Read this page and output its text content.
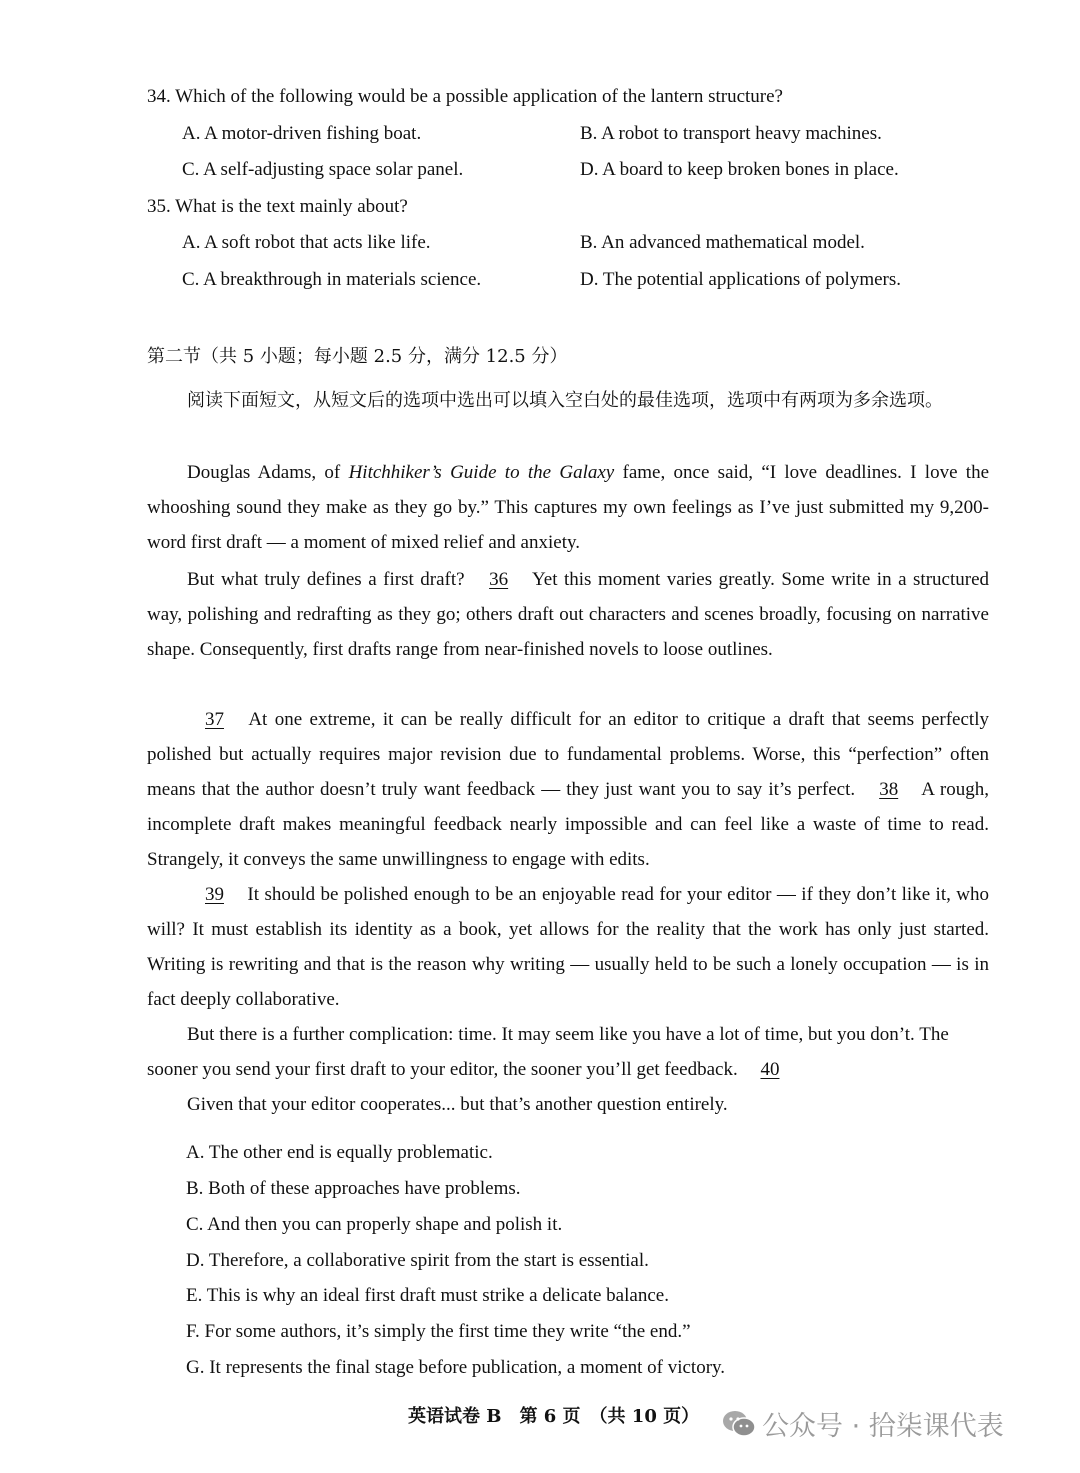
34. Which of the following would be a possible application of the lantern structure?
A. A motor-driven fishing boat.	B. A robot to transport heavy machines.
C. A self-adjusting space solar panel.	D. A board to keep broken bones in place.
35. What is the text mainly about?
A. A soft robot that acts like life.	B. An advanced mathematical model.
C. A breakthrough in materials science.	D. The potential applications of polymers.
第二节（共 5 小题；每小题 2.5 分，满分 12.5 分）
阅读下面短文，从短文后的选项中选出可以填入空白处的最佳选项，选项中有两项为多余选项。
Douglas Adams, of Hitchhiker’s Guide to the Galaxy fame, once said, “I love deadlines. I love the whooshing sound they make as they go by.” This captures my own feelings as I’ve just submitted my 9,200-word first draft — a moment of mixed relief and anxiety.
But what truly defines a first draft? 36 Yet this moment varies greatly. Some write in a structured way, polishing and redrafting as they go; others draft out characters and scenes broadly, focusing on narrative shape. Consequently, first drafts range from near-finished novels to loose outlines.
37 At one extreme, it can be really difficult for an editor to critique a draft that seems perfectly polished but actually requires major revision due to fundamental problems. Worse, this “perfection” often means that the author doesn’t truly want feedback — they just want you to say it’s perfect. 38 A rough, incomplete draft makes meaningful feedback nearly impossible and can feel like a waste of time to read. Strangely, it conveys the same unwillingness to engage with edits.
39 It should be polished enough to be an enjoyable read for your editor — if they don’t like it, who will? It must establish its identity as a book, yet allows for the reality that the work has only just started. Writing is rewriting and that is the reason why writing — usually held to be such a lonely occupation — is in fact deeply collaborative.
But there is a further complication: time. It may seem like you have a lot of time, but you don’t. The sooner you send your first draft to your editor, the sooner you’ll get feedback. 40
Given that your editor cooperates... but that’s another question entirely.
A. The other end is equally problematic.
B. Both of these approaches have problems.
C. And then you can properly shape and polish it.
D. Therefore, a collaborative spirit from the start is essential.
E. This is why an ideal first draft must strike a delicate balance.
F. For some authors, it’s simply the first time they write “the end.”
G. It represents the final stage before publication, a moment of victory.
英语试卷 B　第 6 页　（共 10 页） 公众号 · 拾柒课代表
